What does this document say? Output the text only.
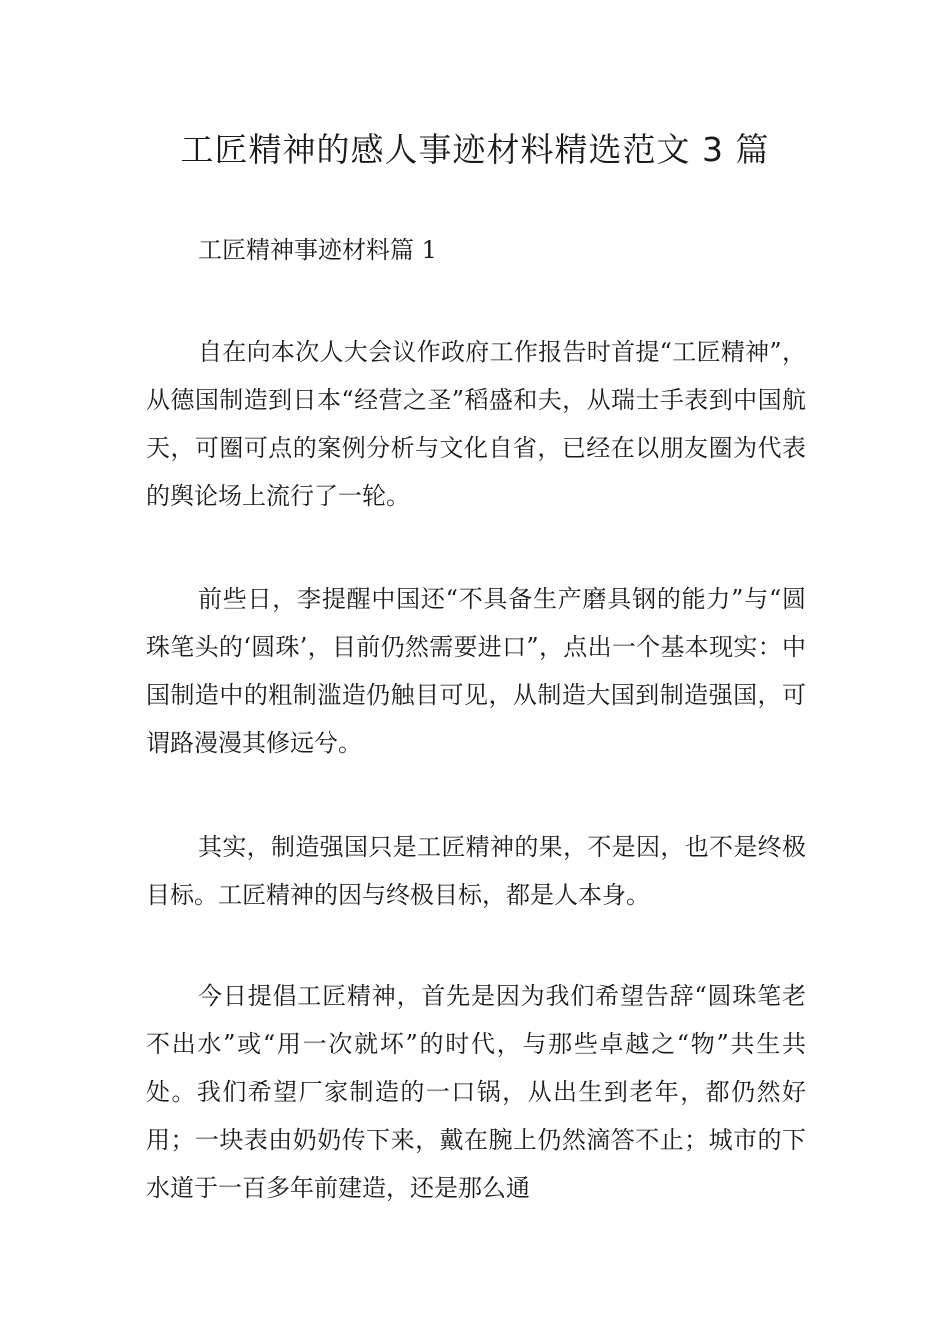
工匠精神的感人事迹材料精选范文 3 篇

工匠精神事迹材料篇 1

自在向本次人大会议作政府工作报告时首提“工匠精神”，从德国制造到日本“经营之圣”稻盛和夫，从瑞士手表到中国航天，可圈可点的案例分析与文化自省，已经在以朋友圈为代表的舆论场上流行了一轮。

前些日，李提醒中国还“不具备生产磨具钢的能力”与“圆珠笔头的‘圆珠’，目前仍然需要进口”，点出一个基本现实：中国制造中的粗制滥造仍触目可见，从制造大国到制造强国，可谓路漫漫其修远兮。

其实，制造强国只是工匠精神的果，不是因，也不是终极目标。工匠精神的因与终极目标，都是人本身。

今日提倡工匠精神，首先是因为我们希望告辞“圆珠笔老不出水”或“用一次就坏”的时代，与那些卓越之“物”共生共处。我们希望厂家制造的一口锅，从出生到老年，都仍然好用；一块表由奶奶传下来，戴在腕上仍然滴答不止；城市的下水道于一百多年前建造，还是那么通
